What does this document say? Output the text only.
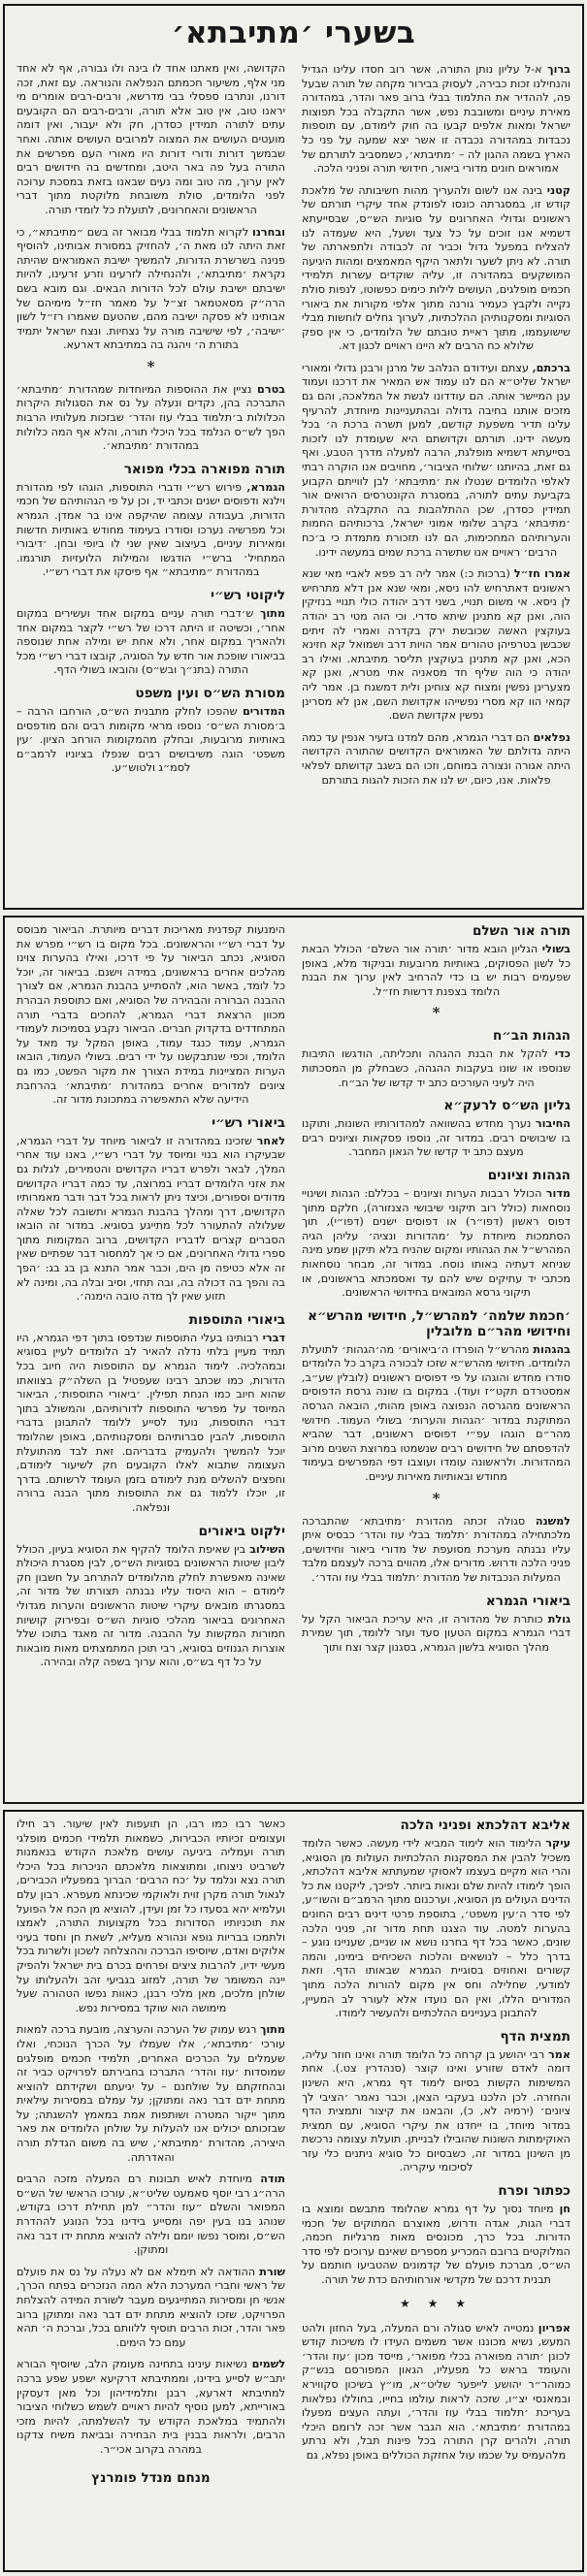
בשערי ׳מתיבתא׳

ברוך א-ל עליון נותן התורה, אשר רוב חסדו עלינו הגדיל והנחילנו זכות כבירה, לעסוק בבירור מקחה של תורה שבעל פה, לההדיר את התלמוד בבלי ברוב פאר והדר, במהדורה מאירת עיניים ומשובבת נפש, אשר התקבלה בכל תפוצות ישראל ומאות אלפים קבעו בה חוק לימודם, עם תוספות נכבדות במהדורה נכבדה זו אשר יצא שמעה על פני כל הארץ בשמה ההגון לה – ׳מתיבתא׳, כשמסביב לתורתם של אמוראים חונים מדורי ביאור, חידושי תורה ופניני הלכה.

קטני בינה אנו לשום ולהעריך מהות חשיבותה של מלאכת קודש זו, במסגרתה כונסו לפונדק אחד עיקרי תורתם של ראשונים וגדולי האחרונים על סוגיות הש״ס, שבסייעתא דשמיא אנו זוכים על כל צעד ושעל, היא שעמדה לנו להצליח במפעל גדול וכביר זה לכבודה ולתפארתה של תורה. לא ניתן לשער ולתאר היקף המאמצים ומהות היגיעה המושקעים במהדורה זו, עליה שוקדים עשרות תלמידי חכמים מופלגים, העושים לילות כימים כפשוטו, לנפות סולת נקייה ולקבץ כעמיר גורנה מתוך אלפי מקורות את ביאורי הסוגיות ומסקנותיהן ההלכתיות, לערוך גחלים לוחשות מבלי שישועממו, מתוך ראיית טובתם של הלומדים, כי אין ספק שלולא כח הרבים לא היינו ראויים לכגון דא.

ברכתם, עצתם ועידודם הנלהב של מרנן ורבנן גדולי ומאורי ישראל שליט״א הם לנו עמוד אש המאיר את דרכנו ועמוד ענן המיישר אותה. הם עודדונו לגשת אל המלאכה, והם גם מזכים אותנו בחיבה גדולה ובהתעניינות מיוחדת, להרעיף עלינו תדיר משפעת קודשם, למען תשרה ברכת ה׳ בכל מעשה ידינו. תורתם וקדושתם היא שעומדת לנו לזכות בסייעתא דשמיא מופלגת, הרבה למעלה מדרך הטבע. ואף גם זאת, בהיותנו ׳שלוחי הציבור׳, מחויבים אנו הוקרה רבתי לאלפי הלומדים שנטלו את ׳מתיבתא׳ לבן לווייתם הקבוע בקביעת עתים לתורה, במסגרת הקונטרסים הרואים אור תמידין כסדרן, שכן ההתלהבות בה התקבלה מהדורת ׳מתיבתא׳ בקרב שלומי אמוני ישראל, ברכותיהם החמות והערותיהם המחכימות, הם לנו תזכורת מתמדת כי ב׳כח הרבים׳ ראויים אנו שתשרה ברכת שמים במעשה ידינו.

אמרו חז״ל (ברכות כ:) אמר ליה רב פפא לאביי מאי שנא ראשונים דאתרחיש להו ניסא, ומאי שנא אנן דלא מתרחיש לן ניסא. אי משום תנויי, בשני דרב יהודה כולי תנויי בנזיקין הוה, ואנן קא מתנינן שיתא סדרי. וכי הוה מטי רב יהודה בעוקצין האשה שכובשת ירק בקדרה ואמרי לה זיתים שכבשן בטרפיהן טהורים אמר הויות דרב ושמואל קא חזינא הכא, ואנן קא מתנינן בעוקצין תליסר מתיבתא. ואילו רב יהודה כי הוה שליף חד מסאניה אתי מטרא, ואנן קא מצערינן נפשין ומצוח קא צוחינן ולית דמשגח בן. אמר ליה קמאי הוו קא מסרי נפשייהו אקדושת השם, אנן לא מסרינן נפשין אקדושת השם.

נפלאים הם דברי הגמרא, מהם למדנו בזעיר אנפין עד כמה היתה גדולתם של האמוראים הקדושים שהתורה הקדושה היתה אגורה ונצורה במוחם, וזכו הם בשגב קדושתם לפלאי פלאות. אנו, כיום, יש לנו את הזכות להגות בתורתם

הקדושה, ואין מאתנו אחד לו בינה ולו גבורה, אף לא אחד מני אלף, משיעור חכמתם הנפלאה והנוראה. עם זאת, זכה דורנו, ונתרבו ספסלי בבי מדרשא, ורבים-רבים אומרים מי יראנו טוב, אין טוב אלא תורה, ורבים-רבים הם הקובעים עתים לתורה תמידין כסדרן, חק ולא יעבור, ואין דומה מועטים העושים את המצוה למרובים העושים אותה. ואחר שבמשך דורות ודורי דורות היו מאורי העם מפרשים את התורה בעל פה באר היטב, ומחדשים בה חידושים רבים לאין ערוך, מה טוב ומה נעים שבאנו בזאת במסכת ערוכה לפני הלומדים, סולת משובחת מלוקטת מתוך דברי הראשונים והאחרונים, לתועלת כל לומדי תורה.

ובחרנו לקרוא תלמוד בבלי מבואר זה בשם ״מתיבתא״, כי זאת היתה לנו מאת ה׳, להחזיק במסורת אבותינו, להוסיף פנינה בשרשרת הדורות, להמשיך ישיבת האמוראים שהיתה נקראת ׳מתיבתא׳, ולהנחילה לזרעינו וזרע זרעינו, להיות ישיבתם ישיבת עולם לכל הדורות הבאים. וגם מובא בשם הרה״ק מסאטמאר זצ״ל על מאמר חז״ל מימיהם של אבותינו לא פסקה ישיבה מהם, שהטעם שאמרו רז״ל לשון ׳ישיבה׳, לפי שישיבה מורה על נצחיות. ונצח ישראל יתמיד בתורת ה׳ ויהגה בה במתיבתא דארעא.

*

בטרם נציין את ההוספות המיוחדות שמהדורת ׳מתיבתא׳ התברכה בהן, נקדים ונעלה על נס את הסגולות היקרות הכלולות ב׳תלמוד בבלי עוז והדר׳ שבזכות מעלותיו הרבות הפך לש״ס הנלמד בכל היכלי תורה, והלא אף המה כלולות במהדורת ׳מתיבתא׳.

תורה מפוארה בכלי מפואר

הגמרא, פירוש רש״י ודברי התוספות, הוגהו לפי מהדורת וילנא ודפוסים ישנים וכתבי יד, וכן על פי הגהותיהם של חכמי הדורות, בעבודה עצומה שהיקפה אינו בר אמדן. הגמרא וכל מפרשיה נערכו וסודרו בעימוד מחודש באותיות חדשות ומאירות עיניים, בעיצוב שאין שני לו ביופי ובחן. ׳דיבורי המתחיל׳ ברש״י הודגשו והמילות הלועזיות תורגמו. במהדורת ״מתיבתא״ אף פיסקו את דברי רש״י.

ליקוטי רש״י

מתוך ש׳דברי תורה עניים במקום אחד ועשירים במקום אחר׳, וכשיטה זו היתה דרכו של רש״י לקצר במקום אחד ולהאריך במקום אחר, ולא אחת יש ומילה אחת שנוספה בביאורו שופכת אור חדש על הסוגיה, קובצו דברי רש״י מכל התורה (בתנ״ך ובש״ס) והובאו בשולי הדף.

מסורת הש״ס ועין משפט

המדורים שהפכו לחלק מתבנית הש״ס, הורחבו הרבה – ב׳מסורת הש״ס׳ נוספו מראי מקומות רבים והם מודפסים באותיות מרובעות, ובחלק מהמקומות הורחב הציון. ׳עין משפט׳ הוגה משיבושים רבים שנפלו בציוניו לרמב״ם לסמ״ג ולטוש״ע.

תורה אור השלם

בשולי הגליון הובא מדור ׳תורה אור השלם׳ הכולל הבאת כל לשון הפסוקים, באותיות מרובעות ובניקוד מלא, באופן שפעמים רבות יש בו כדי להרחיב לאין ערוך את הבנת הלומד בצפנת דרשות חז״ל.

*
הגהות הב״ח

כדי להקל את הבנת ההגהה ותכליתה, הודגשו התיבות שנוספו או שונו בעקבות ההגהה, כשבחלק מן המסכתות היה לעיני העורכים כתב יד קדשו של הב״ח.

גליון הש״ס לרעק״א

החיבור נערך מחדש בהשוואה למהדורותיו השונות, ותוקנו בו שיבושים רבים. במדור זה, נוספו פסקאות וציונים רבים מעצם כתב יד קדשו של הגאון המחבר.

הגהות וציונים

מדור הכולל רבבות הערות וציונים – בכללם: הגהות ושינויי נוסחאות (כולל רוב תיקוני שיבושי הצנזורה), חלקם מתוך דפוס ראשון (דפו״ר) או דפוסים ישנים (דפו״י), תוך הסתמכות מיוחדת על ׳מהדורות ונציה׳ עליהן הגיה המהרש״ל את הגהותיו ומקום שהניח בלא תיקון שמע מינה שניחא דעתיה באותו נוסח. במדור זה, מבחר נוסחאות מכתבי יד עתיקים שיש להם עד ואסמכתא בראשונים, או תיקוני גרסא המובאים בחידושי הראשונים.

׳חכמת שלמה׳ למהרש״ל, חידושי מהרש״א וחידושי מהר״ם מלובלין

בהגהות מהרש״ל הופרדו ה׳ביאורים׳ מה׳הגהות׳ לתועלת הלומדים. חידושי מהרש״א שזכו לבכורה בקרב כל הלומדים סודרו מחדש והוגהו על פי דפוסים ראשונים (לובלין שע״ב, אמסטרדם תקט״ז ועוד). במקום בו שונה גרסת הדפוסים הראשונים מהגרסה הנפוצה באופן מהותי, הובאה הגרסה המתוקנת במדור ׳הגהות והערות׳ בשולי העמוד. חידושי מהר״ם הוגהו עפ״י דפוסים ראשונים, דבר שהביא להדפסתם של חידושים רבים שנשמטו במרוצת השנים מרוב המהדורות. ולראשונה עומדו ועוצבו דפי המפרשים בעימוד מחודש ובאותיות מאירות עיניים.

*

למשנה סגולה זכתה מהדורת ׳מתיבתא׳ שהתברכה מלכתחילה במהדורת ׳תלמוד בבלי עוז והדר׳ כבסיס איתן עליו נבנתה מערכת מסועפת של מדורי ביאור וחידושים, פניני הלכה ודרוש. מדורים אלו, מהווים ברכה לעצמם מלבד המעלות הנכבדות של מהדורת ׳תלמוד בבלי עוז והדר׳.

ביאורי הגמרא

גולת כותרת של מהדורה זו, היא עריכת הביאור הקל על דברי הגמרא במקום הטעון סעד ועזר ללומד, תוך שמירת מהלך הסוגיא בלשון הגמרא, בסגנון קצר וצח ותוך

הימנעות קפדנית מאריכות דברים מיותרת. הביאור מבוסס על דברי רש״י והראשונים. בכל מקום בו רש״י מפרש את הסוגיא, נכתב הביאור על פי דרכו, ואילו בהערות צוינו מהלכים אחרים בראשונים, במידה וישנם. בביאור זה, יוכל כל לומד, באשר הוא, להסתייע בהבנת הגמרא, אם לצורך ההבנה הברורה והבהירה של הסוגיא, ואם כתוספת הבהרת מכוון הרצאת דברי הגמרא, להחכים בדברי תורה המתחדדים בדקדוק חברים. הביאור נקבע בסמיכות לעמודי הגמרא, עמוד כנגד עמוד, באופן המקל עד מאד על הלומד, וכפי שנתבקשנו על ידי רבים. בשולי העמוד, הובאו הערות המציינות במידת הצורך את מקור הפשט, כמו גם ציונים למדורים אחרים במהדורת ׳מתיבתא׳ בהרחבת הידיעה שלא התאפשרה במתכונת מדור זה.

ביאורי רש״י

לאחר שזכינו במהדורה זו לביאור מיוחד על דברי הגמרא, שבעיקרו הוא בנוי ומיוסד על דברי רש״י, באנו עוד אחרי המלך, לבאר ולפרש דבריו הקדושים והטמירים, לגלות גם את אזני הלומדים דבריו במרוצה, עד כמה דבריו הקדושים מדודים וספורים, וכיצד ניתן לראות בכל דבר ודבר מאמרותיו הקדושים, דרך ומהלך בהבנת הגמרא ותשובה לכל שאלה שעלולה להתעורר לכל מתייגע בסוגיא. במדור זה הובאו הסברים קצרים לדבריו הקדושים, ברוב המקומות מתוך ספרי גדולי האחרונים, אם כי אך למחסור דבר שפתיים שאין זה אלא כטיפה מן הים, וכבר אמר התנא בן בג בג: ׳הפך בה והפך בה דכולה בה, ובה תחזי, וסיב ובלה בה, ומינה לא תזוע שאין לך מדה טובה הימנה׳.

ביאורי התוספות

דברי רבותינו בעלי התוספות שנדפסו בתוך דפי הגמרא, היו תמיד מעיין בלתי נדלה להאיר לב הלומדים לעיין בסוגיא ובמהלכיה. לימוד הגמרא עם התוספות היה חיוב בכל הדורות, כמו שכתב רבינו שעפטיל בן השלה״ק בצוואתו שהוא חיוב כמו הנחת תפילין. ׳ביאורי התוספות׳, הביאור המיוסד על מפרשי התוספות לדורותיהם, והמשולב בתוך דברי התוספות, נועד לסייע ללומד להתבונן בדברי התוספות, להבין סברותיהם ומסקנותיהם, באופן שהלומד יוכל להמשיך ולהעמיק בדבריהם. זאת לבד מהתועלת העצומה שתבוא לאלו הקובעים חק לשיעור לימודם, וחפצים להשלים מנת לימודם בזמן העומד לרשותם. בדרך זו, יוכלו ללמוד גם את התוספות מתוך הבנה ברורה ונפלאה.

ילקוט ביאורים

השילוב בין שאיפת הלומד להקיף את הסוגיא בעיון, הכולל ליבון שיטות הראשונים בסוגיות הש״ס, לבין מסגרת היכולת שאינה מאפשרת לחלק מהלומדים להתרחב על חשבון חק לימודם – הוא היסוד עליו נבנתה תצורתו של מדור זה, במסגרתו מובאים עיקרי שיטות הראשונים והערות מגדולי האחרונים בביאור מהלכי סוגיות הש״ס ובפירוק קושיות חמורות המקשות על ההבנה. מדור זה מאגד בתוכו שלל אוצרות הגנוזים בסוגיא, רבי תוכן המתמצתים מאות מובאות על כל דף בש״ס, והוא ערוך בשפה קלה ובהירה.

אליבא דהלכתא ופניני הלכה

עיקר הלימוד הוא לימוד המביא לידי מעשה. כאשר הלומד משכיל להבין את המסקנות ההלכתיות העולות מן הסוגיא, והרי הוא מקיים בעצמו לאסוקי שמעתתא אליבא דהלכתא, הופך לימודו להיות שלם ונאות ביותר. לפיכך, ליקטנו את כל הדינים העולים מן הסוגיא, וערכנום מתוך הרמב״ם והשו״ע, לפי סדר ה׳עין משפט׳, בתוספת פרטי דינים רבים החונים בהערות למטה. עוד הצגנו תחת מדור זה, פניני הלכה שונים, כאשר בכל דף בחרנו נושא או שניים, שעניינו נוגע – בדרך כלל – לנושאים והלכות השכיחים בימינו, והמה קשורים ואחוזים בסוגיית הגמרא שבאותו הדף. וזאת למודעי, שחלילה וחס אין מקום להורות הלכה מתוך המדורים הללו, ואין הם נועדו אלא לעורר לב המעיין, להתבונן בעניינים ההלכתיים ולהעשיר לימודו.

תמצית הדף

אמר רבי יהושע בן קרחה כל הלומד תורה ואינו חוזר עליה, דומה לאדם שזורע ואינו קוצר (סנהדרין צט.). אחת המשימות הקשות בסיום לימוד דף גמרא, היא השינון והחזרה. לכן הלכנו בעקבי הצאן, וכבר נאמר ׳הציבי לך ציונים׳ (ירמיה לא, כ), והבאנו את קיצור ותמצית הדף במדור מיוחד, בו ייחדנו את עיקרי הסוגיא, עם תמצית האוקימתות השונות שהובילו לבנייתן. תועלת עצומה נרכשת מן השינון במדור זה, כשבסיום כל סוגיא ניתנים כלי עזר לסיכומי עיקריה.

כפתור ופרח

חן מיוחד נסוך על דף גמרא שהלומד מתבשם ומוצא בו דברי הגות, אגדה ודרוש, מאוצרם המתוקים של חכמי הדורות. בכל כרך, מכונסים מאות מרגליות חכמה, המלוקטים ברובם המכריע מספרים שאינם ערוכים לפי סדר הש״ס, מברכת פועלם של קדמונים שהטביעו חותמם על תבנית דרכם של מקדשי אורחותיהם כדת של תורה.

★ ★ ★

אפריון נמטייה לאיש סגולה ורם המעלה, בעל החזון ולהט המעש, נשיא מכוננו אשר משמים העידו לו משיכות קודש לכונן ׳תורה מפוארה בכלי מפואר׳, מייסד מכון ׳עוז והדר׳ והעומד בראש כל מפעליו, הגאון המפורסם בנש״ק כמוהר״ר יהושע לייפער שליט״א, מו״ץ בשיכון סקווירא ובמאנסי יצ״ו, שזכה לראות עולמו בחייו, בחוללו נפלאות בעריכת ׳תלמוד בבלי עוז והדר׳, ועתה העצים מפעלו במהדורת ׳מתיבתא׳. הוא הגבר אשר זכה לרומם היכלי תורה, ולהרים קרן התורה בכל פינות תבל, ולא נרתע מלהעמיס על שכמו עול אחזקת הכוללים באופן נפלא, גם

כאשר רבו כמו רבו, הן תועפות לאין שיעור. רב חילו ועצומים זכיותיו הכבירות, כשמאות תלמידי חכמים מופלגי תורה ועמליה ביגיעה עושים מלאכת הקודש בנאמנות לשרביט ניצוחו, ומתוצאות מלאכתם הניכרות בכל היכלי תורה נצא ונלמד על ׳כח הרבים׳ הברוך במפעליו הכבירים, לגאול תורה מקרן זוית ולאוקמי שכינתא מעפרא. רבון עלם ועלמיא יהא בסעדו כל זמן ועידן, להוציא מן הכח אל הפועל את תוכניותיו הסדורות בכל מקצועות התורה, לאמצו ולתמכו בבריות גופא ונהורא מעליא, לשאת חן וחסד בעיני אלוקים ואדם, שיוסיפו הברכה וההצלחה לשכון ולשרות בכל מעשי ידיו, להרבות ציצים ופרחים בכרם בית ישראל ולהפיק יינה המשומר של תורה, למזוג בגביעי זהב ולהעלותו על שולחן מלכים, מאן מלכי רבנן, כאוות נפשו הטהורה שעל מימושה הוא שוקד במסירות נפש.

מתוך רגש עמוק של הערכה והערצה, מובעת ברכה למאות עורכי ׳מתיבתא׳, אלו שעמלו על הכרך הנוכחי, ואלו שעמלים על הכרכים האחרים, תלמידי חכמים מופלגים שמוסדות ׳עוז והדר׳ התברכו בחבירתם לפרויקט כביר זה ובהחזקתם על שולחנם – על יגיעתם ושקידתם להוציא מתחת ידם דבר נאה ומתוקן; על עמלם במסירות עילאית מתוך ייקור המטרה ושותפות אמת במאמץ להשגתה; על שבזכותם יכולים אנו להעלות על שולחן הלומדים את פאר היצירה, מהדורת ׳מתיבתא׳, שיש בה משום הגדלת תורה והאדרתה.

תודה מיוחדת לאיש תבונות רם המעלה מזכה הרבים הרה״ג רבי יוסף סאמעט שליט״א, עורכו הראשי של הש״ס המפואר והשלם ״עוז והדר״ למן תחילת דרכו בקודש, שנוהג בנו בעין יפה ומסייע בידינו בכל הנוגע לההדרת הש״ס, ומוסר נפשו יומם ולילה להוציא מתחת ידו דבר נאה ומתוקן.

שורת ההודאה לא תימלא אם לא נעלה על נס את פועלם של ראשי וחברי המערכת הלא המה הנזכרים בפתח הכרך, אנשי חן ומסירות המתייגעים מעבר לשורת המידה להצלחת הפרויקט, שזכו להוציא מתחת ידם דבר נאה ומתוקן ברוב פאר והדר, זכות הרבים תוסיף ללוותם בכל, וברכת ה׳ תהא עמם כל הימים.

לשמים נשיאות עינינו בתחינה מעומק הלב, שיוסיף הבורא יתב״ש לסייע בידינו, וממתיבתא דרקיעא ישפע שפע ברכה למתיבתא דארעא, רבנן ותלמידיהון וכל מאן דעסקין באורייתא, למען נוסיף להיות ראויים לשמש כשלוחי הציבור ולהתמיד במלאכת הקודש עד להשלמתה, להיות מזכי הרבים, ולראות בבנין בית הבחירה ובביאת משיח צדקנו במהרה בקרוב אכי״ר.

מנחם מנדל פומרנץ
